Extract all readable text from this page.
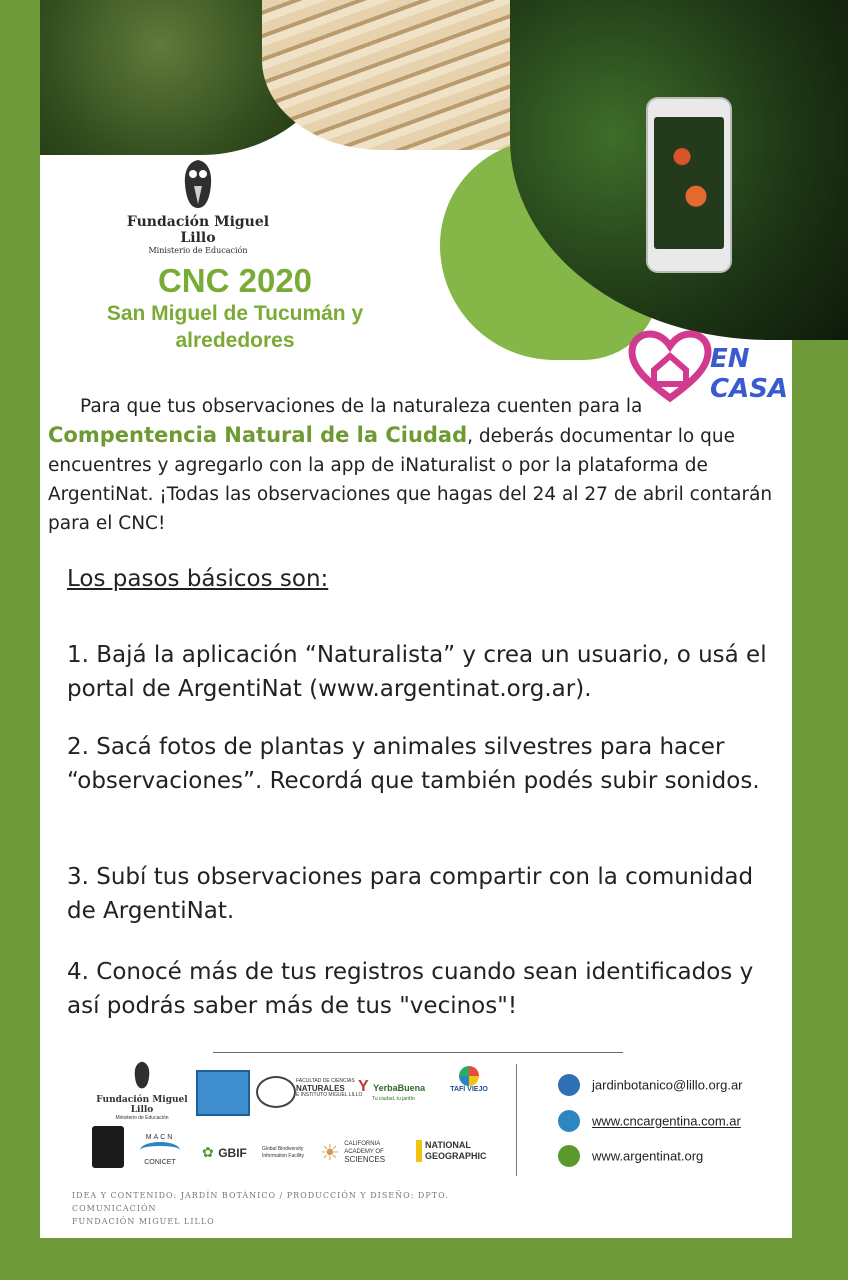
Fundación Miguel Lillo
Ministerio de Educación
CNC 2020
San Miguel de Tucumán y
alrededores
EN
CASA

Para que tus observaciones de la naturaleza cuenten para la

Compentencia Natural de la Ciudad, deberás documentar lo que encuentres y agregarlo con la app de iNaturalist o por la plataforma de ArgentiNat. ¡Todas las observaciones que hagas del 24 al 27 de abril contarán para el CNC!

Los pasos básicos son:
1. Bajá la aplicación “Naturalista” y crea un usuario, o usá el portal de ArgentiNat (www.argentinat.org.ar).
2. Sacá fotos de plantas y animales silvestres para hacer “observaciones”. Recordá que también podés subir sonidos.
3. Subí tus observaciones para compartir con la comunidad de ArgentiNat.
4. Conocé más de tus registros cuando sean identificados y así podrás saber más de tus "vecinos"!
Fundación Miguel Lillo
Ministerio de Educación
FACULTAD DE CIENCIAS
NATURALES
E INSTITUTO MIGUEL LILLO
Y YerbaBuena
Tu ciudad, tu jardín
TAFÍ VIEJO
MACN
CONICET
✿ GBIF	Global Biodiversity
Information Facility ☀ CALIFORNIA
ACADEMY OF
SCIENCES
NATIONAL
GEOGRAPHIC
jardinbotanico@lillo.org.ar
www.cncargentina.com.ar
www.argentinat.org
IDEA Y CONTENIDO: JARDÍN BOTÁNICO / PRODUCCIÓN Y DISEÑO: DPTO. COMUNICACIÓN
FUNDACIÓN MIGUEL LILLO
